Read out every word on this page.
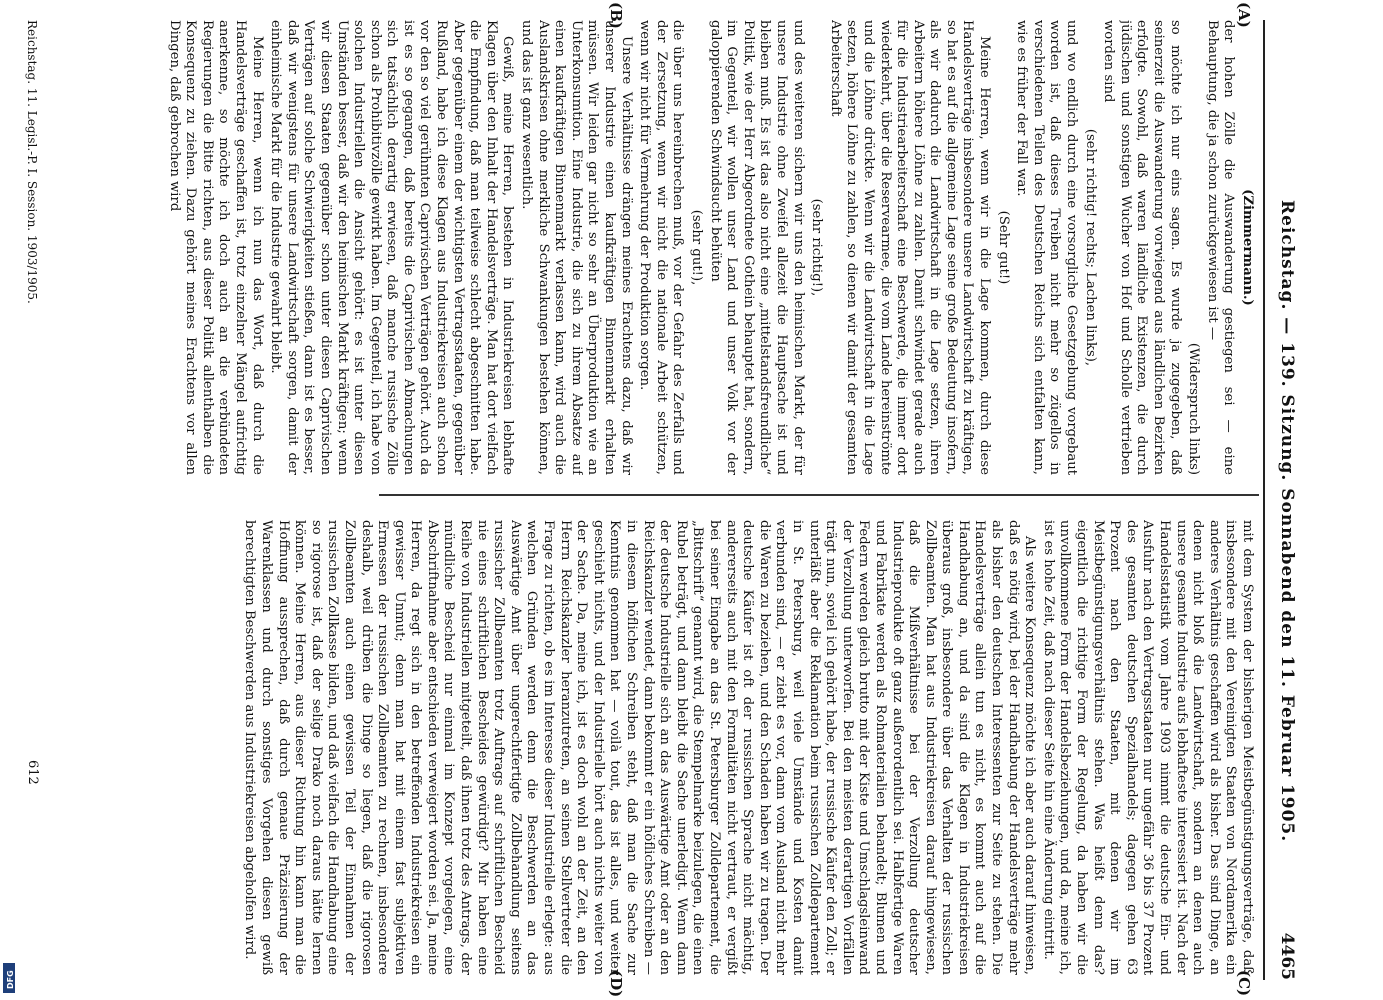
DFG
Reichstag. — 139. Sitzung. Sonnabend den 11. Februar 1905.
4465
(A)
(B)
(C)
(D)

(Zimmermann.)

der hohen Zölle die Auswanderung gestiegen sei — eine Behauptung, die ja schon zurückgewiesen ist —

(Widerspruch links)

so möchte ich nur eins sagen. Es wurde ja zugegeben, daß seinerzeit die Auswanderung vorwiegend aus ländlichen Bezirken erfolgte. Sowohl, daß waren ländliche Existenzen, die durch jüdischen und sonstigen Wucher von Hof und Scholle vertrieben worden sind

(sehr richtig! rechts; Lachen links),

und wo endlich durch eine vorsorgliche Gesetzgebung vorgebaut worden ist, daß dieses Treiben nicht mehr so zügellos in verschiedenen Teilen des Deutschen Reichs sich entfalten kann, wie es früher der Fall war.

(Sehr gut!)

Meine Herren, wenn wir in die Lage kommen, durch diese Handelsverträge insbesondere unsere Landwirtschaft zu kräftigen, so hat es auf die allgemeine Lage seine große Bedeutung insofern, als wir dadurch die Landwirtschaft in die Lage setzen, ihren Arbeitern höhere Löhne zu zahlen. Damit schwindet gerade auch für die Industriearbeiterschaft eine Beschwerde, die immer dort wiederkehrt, über die Reservearmee, die vom Lande hereinströmte und die Löhne drückte. Wenn wir die Landwirtschaft in die Lage setzen, höhere Löhne zu zahlen, so dienen wir damit der gesamten Arbeiterschaft

(sehr richtig!),

und des weiteren sichern wir uns den heimischen Markt, der für unsere Industrie ohne Zweifel allezeit die Hauptsache ist und bleiben muß. Es ist das also nicht eine „mittelstandsfreundliche“ Politik, wie der Herr Abgeordnete Gothein behauptet hat, sondern, im Gegenteil, wir wollen unser Land und unser Volk vor der galoppierenden Schwindsucht behüten

(sehr gut!),

die über uns hereinbrechen muß, vor der Gefahr des Zerfalls und der Zersetzung, wenn wir nicht die nationale Arbeit schützen, wenn wir nicht für Vermehrung der Produktion sorgen.

Unsere Verhältnisse drängen meines Erachtens dazu, daß wir unserer Industrie einen kaufkräftigen Binnenmarkt erhalten müssen. Wir leiden gar nicht so sehr an Überproduktion wie an Unterkonsumtion. Eine Industrie, die sich zu ihrem Absatze auf einen kaufkräftigen Binnenmarkt verlassen kann, wird auch die Auslandskrisen ohne merkliche Schwankungen bestehen können, und das ist ganz wesentlich.

Gewiß, meine Herren, bestehen in Industriekreisen lebhafte Klagen über den Inhalt der Handelsverträge. Man hat dort vielfach die Empfindung, daß man teilweise schlecht abgeschnitten habe. Aber gegenüber einem der wichtigsten Vertragsstaaten, gegenüber Rußland, habe ich diese Klagen aus Industriekreisen auch schon vor den so viel gerühmten Caprivischen Verträgen gehört. Auch da ist es so gegangen, daß bereits die Caprivischen Abmachungen sich tatsächlich derartig erwiesen, daß manche russische Zölle schon als Prohibitivzölle gewirkt haben. Im Gegenteil, ich habe von solchen Industriellen die Ansicht gehört: es ist unter diesen Umständen besser, daß wir den heimischen Markt kräftigen; wenn wir diesen Staaten gegenüber schon unter diesen Caprivischen Verträgen auf solche Schwierigkeiten stießen, dann ist es besser, daß wir wenigstens für unsere Landwirtschaft sorgen, damit der einheimische Markt für die Industrie gewahrt bleibt.

Meine Herren, wenn ich nun das Wort, daß durch die Handelsverträge geschaffen ist, trotz einzelner Mängel aufrichtig anerkenne, so möchte ich doch auch an die verbündeten Regierungen die Bitte richten, aus dieser Politik allenthalben die Konsequenz zu ziehen. Dazu gehört meines Erachtens vor allen Dingen, daß gebrochen wird

mit dem System der bisherigen Meistbegünstigungsverträge, daß insbesondere mit den Vereinigten Staaten von Nordamerika ein anderes Verhältnis geschaffen wird als bisher. Das sind Dinge, an denen nicht bloß die Landwirtschaft, sondern an denen auch unsere gesamte Industrie aufs lebhafteste interessiert ist. Nach der Handelsstatistik vom Jahre 1903 nimmt die deutsche Ein- und Ausfuhr nach den Vertragsstaaten nur ungefähr 36 bis 37 Prozent des gesamten deutschen Spezialhandels; dagegen gehen 63 Prozent nach den Staaten, mit denen wir im Meistbegünstigungsverhältnis stehen. Was heißt denn das? eigentlich die richtige Form der Regelung, da haben wir die unvollkommene Form der Handelsbeziehungen, und da, meine ich, ist es hohe Zeit, daß nach dieser Seite hin eine Änderung eintritt.

Als weitere Konsequenz möchte ich aber auch darauf hinweisen, daß es nötig wird, bei der Handhabung der Handelsverträge mehr als bisher den deutschen Interessenten zur Seite zu stehen. Die Handelsverträge allein tun es nicht, es kommt auch auf die Handhabung an, und da sind die Klagen in Industriekreisen überaus groß, insbesondere über das Verhalten der russischen Zollbeamten. Man hat aus Industriekreisen darauf hingewiesen, daß die Mißverhältnisse bei der Verzollung deutscher Industrieprodukte oft ganz außerordentlich sei. Halbfertige Waren und Fabrikate werden als Rohmaterialien behandelt; Blumen und Federn werden gleich brutto mit der Kiste und Umschlagsleinwand der Verzollung unterworfen. Bei den meisten derartigen Vorfällen trägt nun, soviel ich gehört habe, der russische Käufer den Zoll; er unterläßt aber die Reklamation beim russischen Zolldepartement in St. Petersburg, weil viele Umstände und Kosten damit verbunden sind, — er zieht es vor, dann vom Ausland nicht mehr die Waren zu beziehen, und den Schaden haben wir zu tragen. Der deutsche Käufer ist oft der russischen Sprache nicht mächtig, andererseits auch mit den Formalitäten nicht vertraut, er vergißt bei seiner Eingabe an das St. Petersburger Zolldepartement, die „Bittschrift“ genannt wird, die Stempelmarke beizulegen, die einen Rubel beträgt, und dann bleibt die Sache unerledigt. Wenn dann der deutsche Industrielle sich an das Auswärtige Amt oder an den Reichskanzler wendet, dann bekommt er ein höfliches Schreiben — in diesem höflichen Schreiben steht, daß man die Sache zur Kenntnis genommen hat — voilà tout, das ist alles, und weiter geschieht nichts, und der Industrielle hört auch nichts weiter von der Sache. Da, meine ich, ist es doch wohl an der Zeit, an den Herrn Reichskanzler heranzutreten, an seinen Stellvertreter die Frage zu richten, ob es im Interesse dieser Industrielle erlegte: aus welchen Gründen werden denn die Beschwerden an das Auswärtige Amt über ungerechtfertigte Zollbehandlung seitens russischer Zollbeamten trotz Auftrags auf schriftlichen Bescheid nie eines schriftlichen Bescheides gewürdigt? Mir haben eine Reihe von Industriellen mitgeteilt, daß ihnen trotz des Antrags, der mündliche Bescheid nur einmal im Konzept vorgelegen, eine Abschriftnahme aber entschieden verweigert worden sei. Ja, meine Herren, da regt sich in den betreffenden Industriekreisen ein gewisser Unmut; denn man hat mit einem fast subjektiven Ermessen der russischen Zollbeamten zu rechnen, insbesondere deshalb, weil drüben die Dinge so liegen, daß die rigorosen Zollbeamten auch einen gewissen Teil der Einnahmen der russischen Zollkasse bilden, und daß vielfach die Handhabung eine so rigorose ist, daß der selige Drako noch daraus hätte lernen können. Meine Herren, aus dieser Richtung hin kann man die Hoffnung aussprechen, daß durch genaue Präzisierung der Warenklassen und durch sonstiges Vorgehen diesen gewiß berechtigten Beschwerden aus Industriekreisen abgeholfen wird.

Reichstag. 11. Legisl.-P. I. Session. 1903/1905.
612
